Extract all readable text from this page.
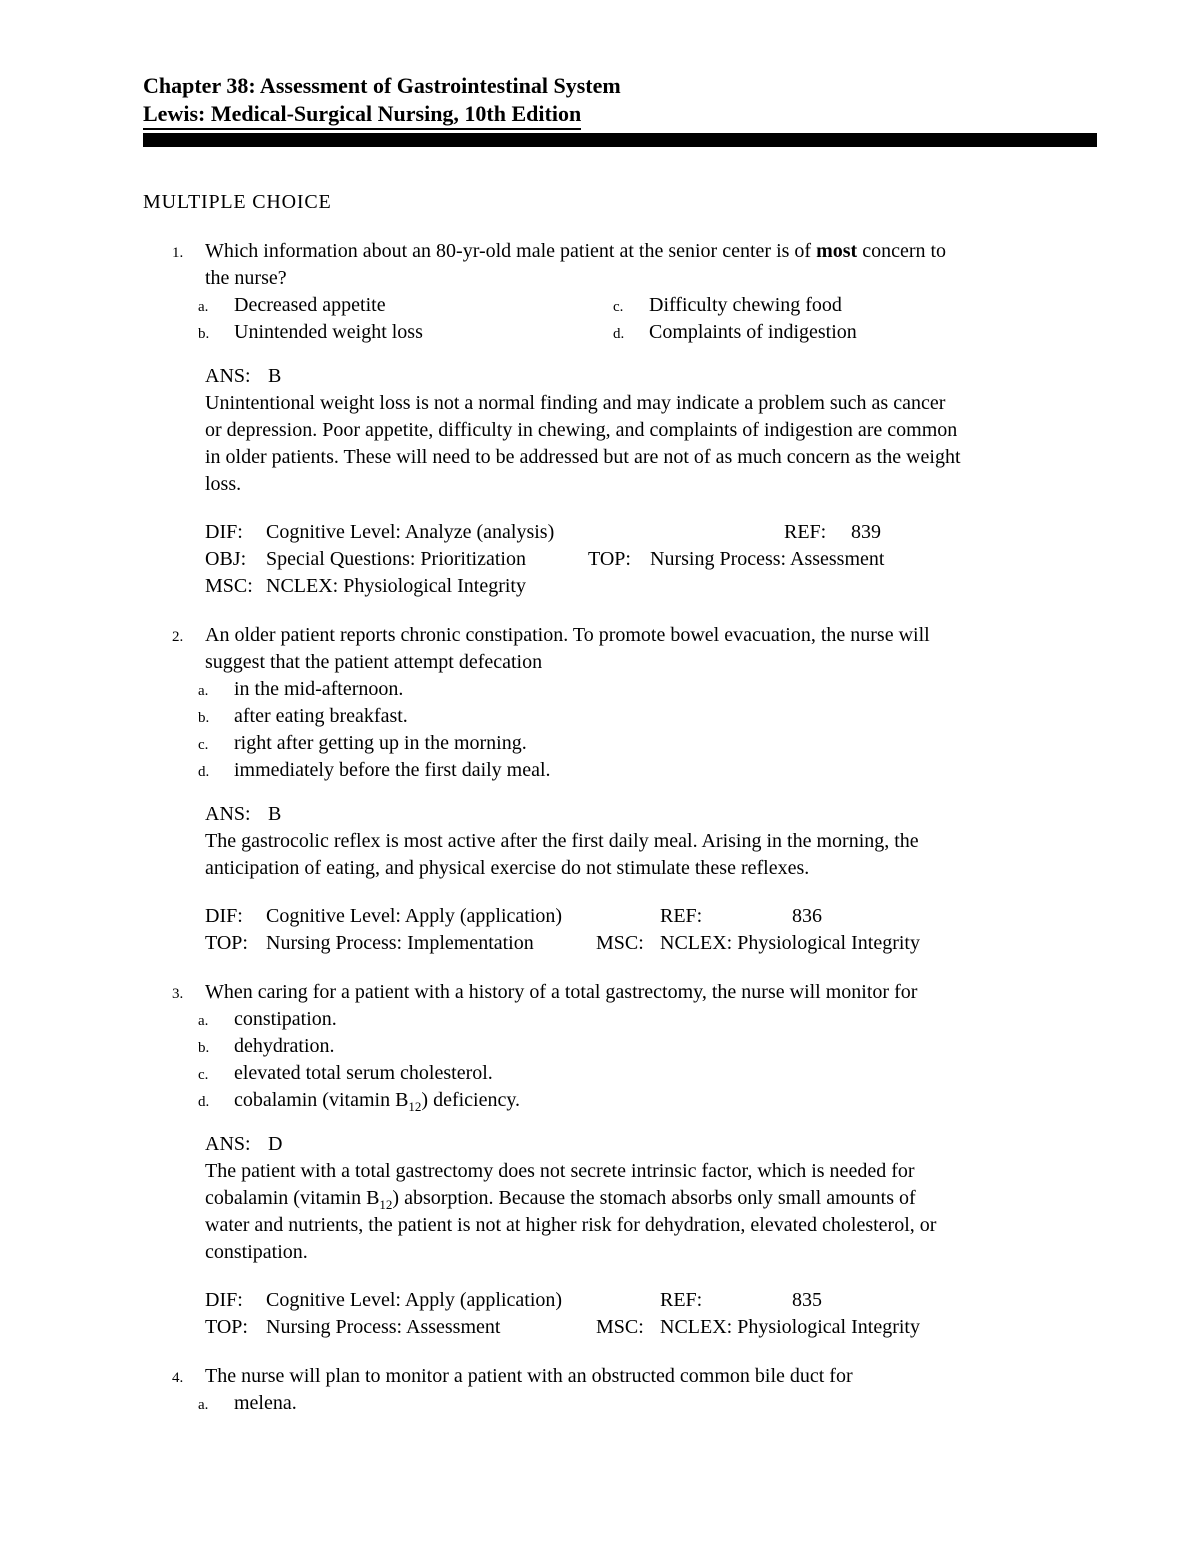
Chapter 38: Assessment of Gastrointestinal System
Lewis: Medical-Surgical Nursing, 10th Edition
MULTIPLE CHOICE
1. Which information about an 80-yr-old male patient at the senior center is of most concern to
the nurse?
a. Decreased appetite
b. Unintended weight loss
c. Difficulty chewing food
d. Complaints of indigestion
ANS: B
Unintentional weight loss is not a normal finding and may indicate a problem such as cancer
or depression. Poor appetite, difficulty in chewing, and complaints of indigestion are common
in older patients. These will need to be addressed but are not of as much concern as the weight
loss.
DIF: Cognitive Level: Analyze (analysis)	REF: 839
OBJ: Special Questions: Prioritization	TOP: Nursing Process: Assessment
MSC: NCLEX: Physiological Integrity
2. An older patient reports chronic constipation. To promote bowel evacuation, the nurse will
suggest that the patient attempt defecation
a. in the mid-afternoon.
b. after eating breakfast.
c. right after getting up in the morning.
d. immediately before the first daily meal.
ANS: B
The gastrocolic reflex is most active after the first daily meal. Arising in the morning, the
anticipation of eating, and physical exercise do not stimulate these reflexes.
DIF: Cognitive Level: Apply (application)	REF:	836
TOP: Nursing Process: Implementation	MSC: NCLEX: Physiological Integrity
3. When caring for a patient with a history of a total gastrectomy, the nurse will monitor for
a. constipation.
b. dehydration.
c. elevated total serum cholesterol.
d. cobalamin (vitamin $B_{12}$) deficiency.
ANS: D
The patient with a total gastrectomy does not secrete intrinsic factor, which is needed for
cobalamin (vitamin $B_{12}$) absorption. Because the stomach absorbs only small amounts of
water and nutrients, the patient is not at higher risk for dehydration, elevated cholesterol, or
constipation.
DIF: Cognitive Level: Apply (application)	REF:	835
TOP: Nursing Process: Assessment	MSC: NCLEX: Physiological Integrity
4. The nurse will plan to monitor a patient with an obstructed common bile duct for
a. melena.
